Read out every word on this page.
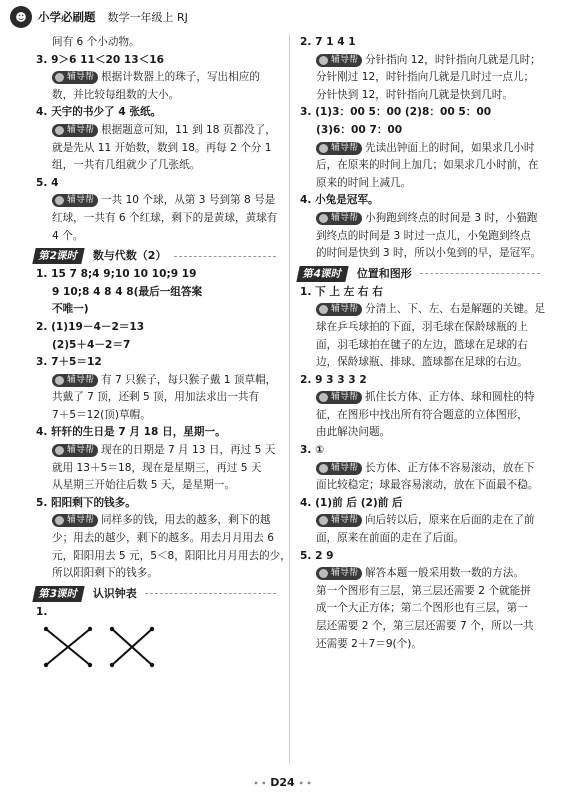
☻ 小学必刷题 数学一年级上 RJ
间有 6 个小动物。
3. 9＞6 11＜20 13＜16
辅导帮 根据计数器上的珠子，写出相应的
数，并比较每组数的大小。
4. 天宇的书少了 4 张纸。
辅导帮 根据题意可知，11 到 18 页都没了，
就是先从 11 开始数，数到 18。再每 2 个分 1
组，一共有几组就少了几张纸。
5. 4
辅导帮 一共 10 个球，从第 3 号到第 8 号是
红球，一共有 6 个红球，剩下的是黄球，黄球有
4 个。
第2课时	数与代数（2）
1. 15 7 8;4 9;10 10 10;9 19
9 10;8 4 8 4 8(最后一组答案
不唯一)
2. (1)19－4－2＝13
(2)5＋4－2＝7
3. 7＋5＝12
辅导帮 有 7 只猴子，每只猴子戴 1 顶草帽，
共戴了 7 顶，还剩 5 顶，用加法求出一共有
7＋5＝12(顶)草帽。
4. 轩轩的生日是 7 月 18 日，星期一。
辅导帮 现在的日期是 7 月 13 日，再过 5 天
就用 13＋5＝18，现在是星期三，再过 5 天
从星期三开始往后数 5 天，是星期一。
5. 阳阳剩下的钱多。
辅导帮 同样多的钱，用去的越多，剩下的越
少；用去的越少，剩下的越多。用去月月用去 6
元，阳阳用去 5 元，5＜8，阳阳比月月用去的少，
所以阳阳剩下的钱多。
第3课时	认识钟表
1.
2. 7 1 4 1
辅导帮 分针指向 12，时针指向几就是几时；
分针刚过 12，时针指向几就是几时过一点儿；
分针快到 12，时针指向几就是快到几时。
3. (1)3：00 5：00 (2)8：00 5：00
(3)6：00 7：00
辅导帮 先读出钟面上的时间，如果求几小时
后，在原来的时间上加几；如果求几小时前，在
原来的时间上减几。
4. 小兔是冠军。
辅导帮 小狗跑到终点的时间是 3 时，小猫跑
到终点的时间是 3 时过一点儿，小兔跑到终点
的时间是快到 3 时，所以小兔到的早，是冠军。
第4课时	位置和图形
1. 下 上 左 右 右
辅导帮 分清上、下、左、右是解题的关键。足
球在乒乓球拍的下面，羽毛球在保龄球瓶的上
面，羽毛球拍在毽子的左边，篮球在足球的右
边，保龄球瓶、排球、篮球都在足球的右边。
2. 9 3 3 3 2
辅导帮 抓住长方体、正方体、球和圆柱的特
征，在图形中找出所有符合题意的立体图形，
由此解决问题。
3. ①
辅导帮 长方体、正方体不容易滚动，放在下
面比较稳定；球最容易滚动，放在下面最不稳。
4. (1)前 后 (2)前 后
辅导帮 向后转以后，原来在后面的走在了前
面，原来在前面的走在了后面。
5. 2 9
辅导帮 解答本题一般采用数一数的方法。
第一个图形有三层，第三层还需要 2 个就能拼
成一个大正方体；第二个图形也有三层，第一
层还需要 2 个，第三层还需要 7 个，所以一共
还需要 2＋7＝9(个)。
• • D24 • •
